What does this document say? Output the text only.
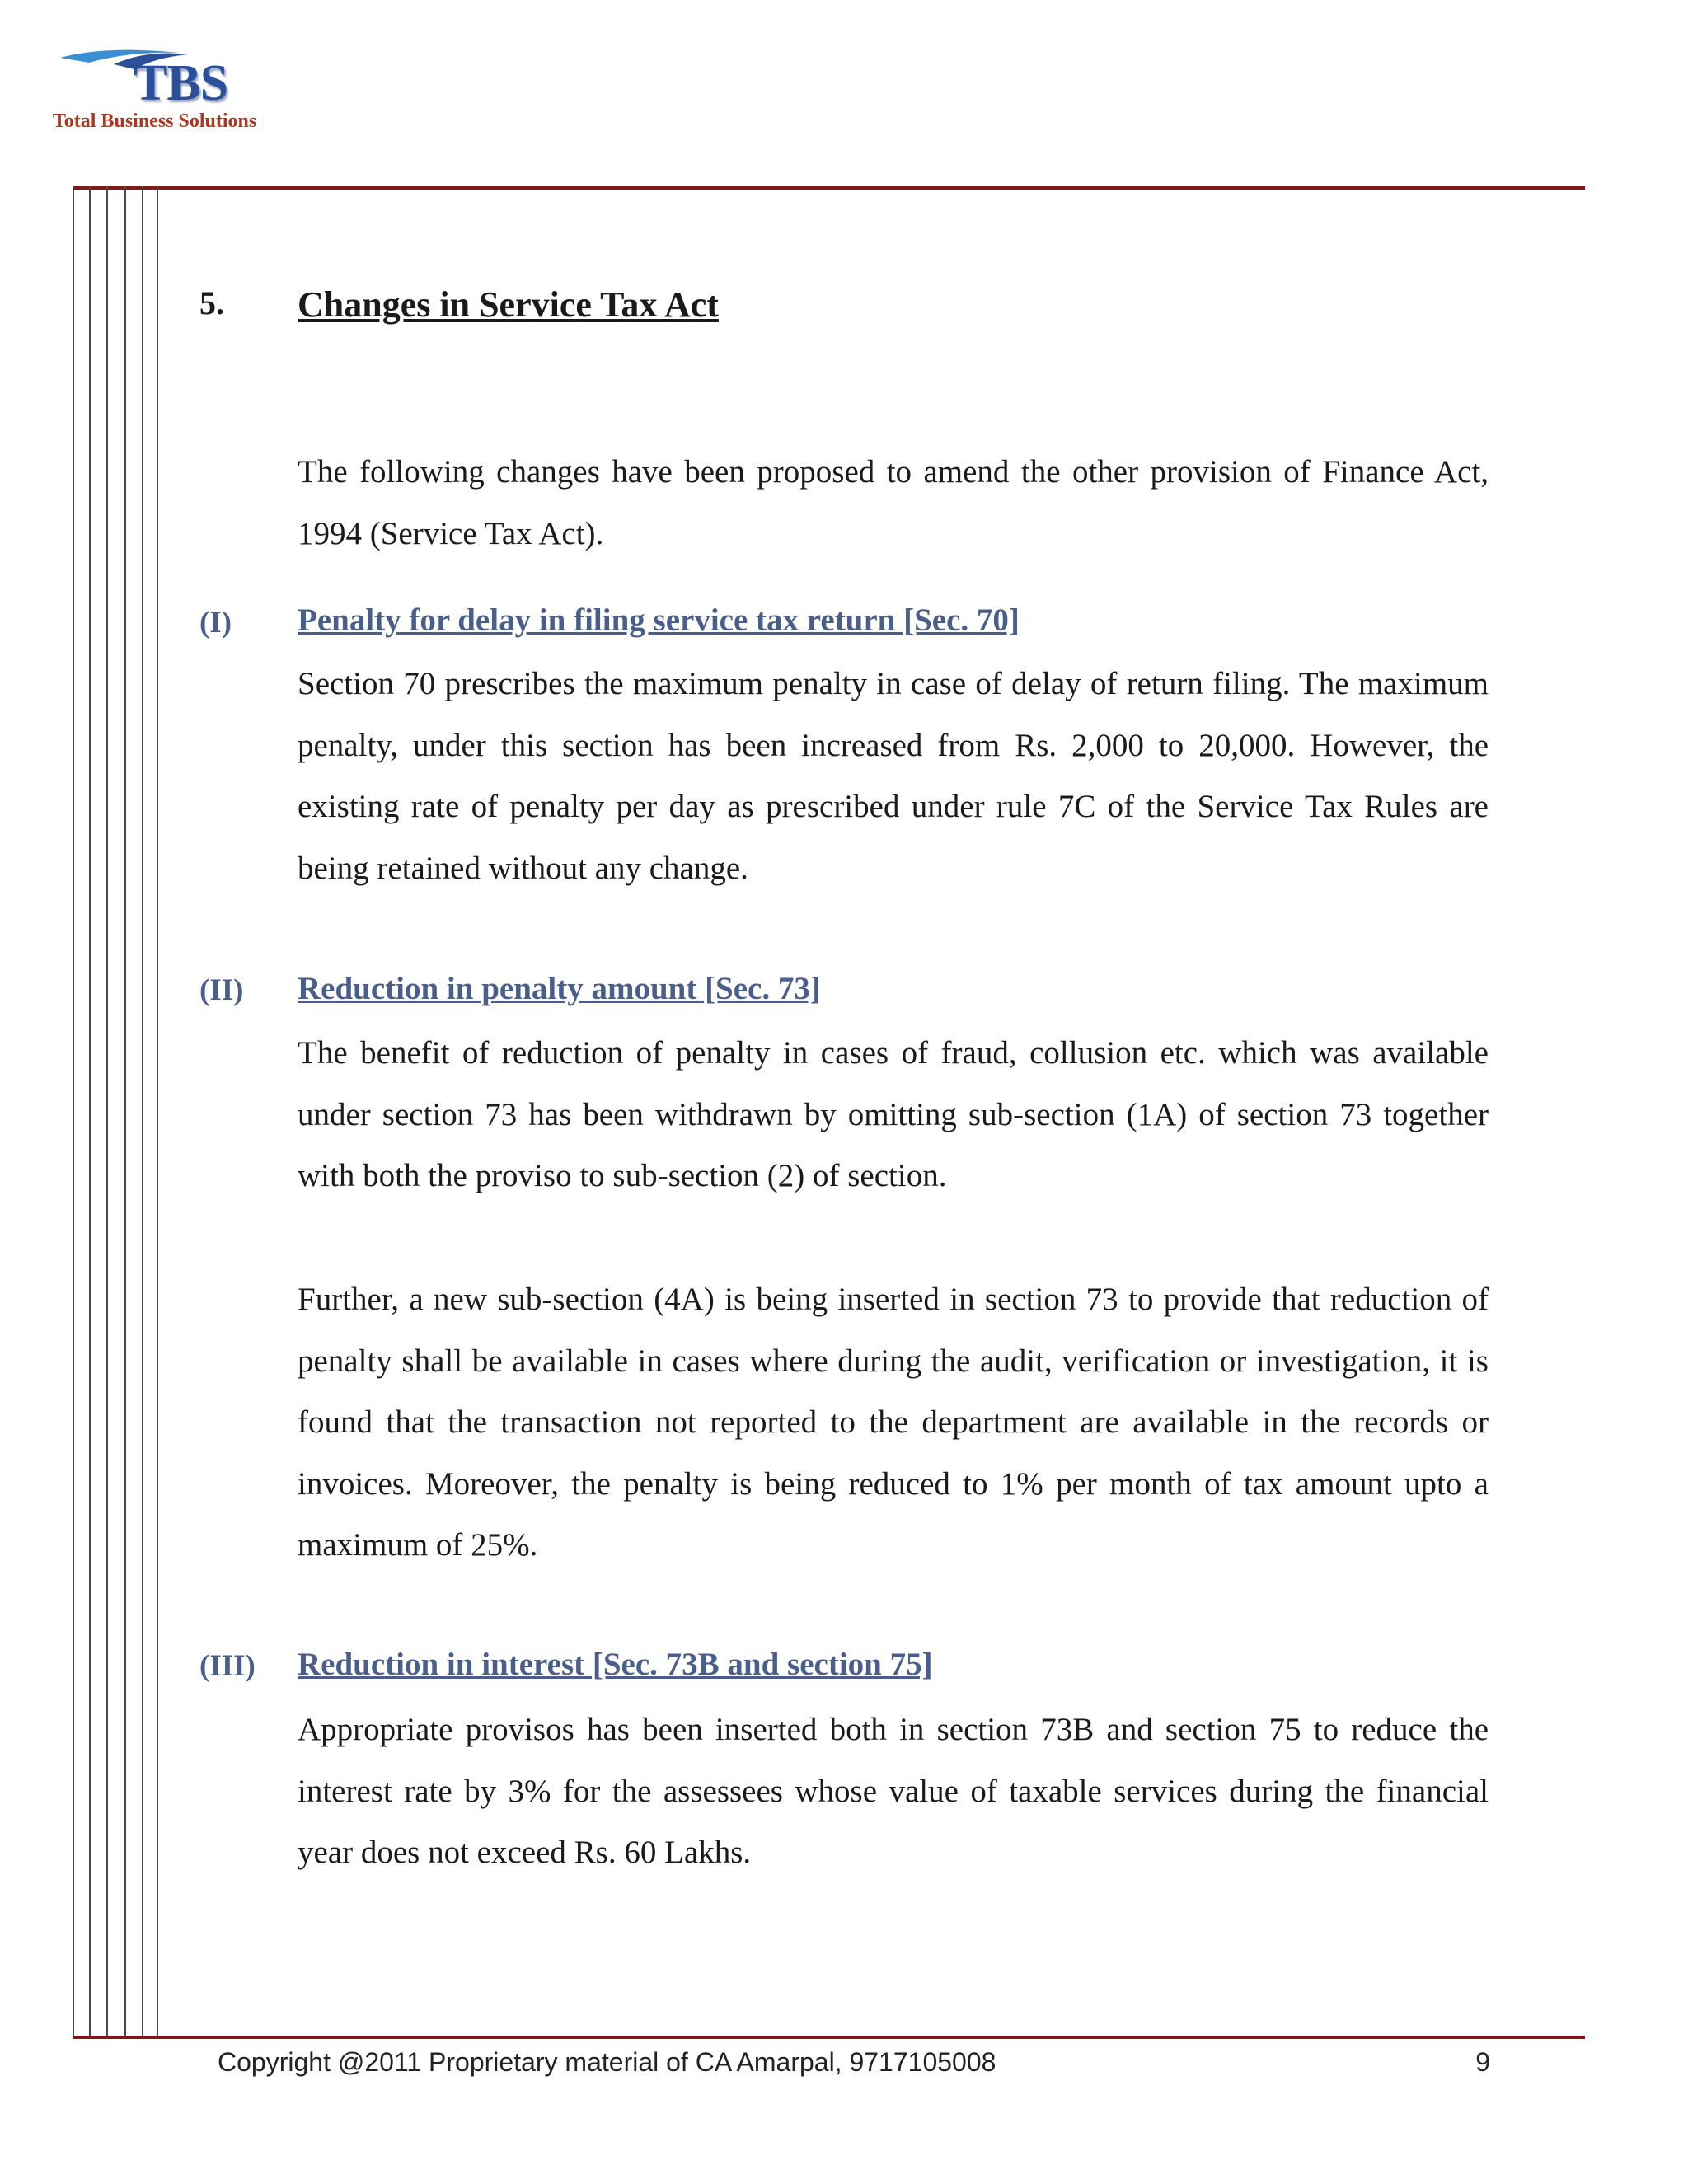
TBS
Total Business Solutions
5. Changes in Service Tax Act
The following changes have been proposed to amend the other provision of Finance Act, 1994 (Service Tax Act).
(I) Penalty for delay in filing service tax return [Sec. 70]
Section 70 prescribes the maximum penalty in case of delay of return filing. The maximum penalty, under this section has been increased from Rs. 2,000 to 20,000. However, the existing rate of penalty per day as prescribed under rule 7C of the Service Tax Rules are being retained without any change.
(II) Reduction in penalty amount [Sec. 73]
The benefit of reduction of penalty in cases of fraud, collusion etc. which was available under section 73 has been withdrawn by omitting sub-section (1A) of section 73 together with both the proviso to sub-section (2) of section.
Further, a new sub-section (4A) is being inserted in section 73 to provide that reduction of penalty shall be available in cases where during the audit, verification or investigation, it is found that the transaction not reported to the department are available in the records or invoices. Moreover, the penalty is being reduced to 1% per month of tax amount upto a maximum of 25%.
(III) Reduction in interest [Sec. 73B and section 75]
Appropriate provisos has been inserted both in section 73B and section 75 to reduce the interest rate by 3% for the assessees whose value of taxable services during the financial year does not exceed Rs. 60 Lakhs.
Copyright @2011 Proprietary material of CA Amarpal, 9717105008	9
